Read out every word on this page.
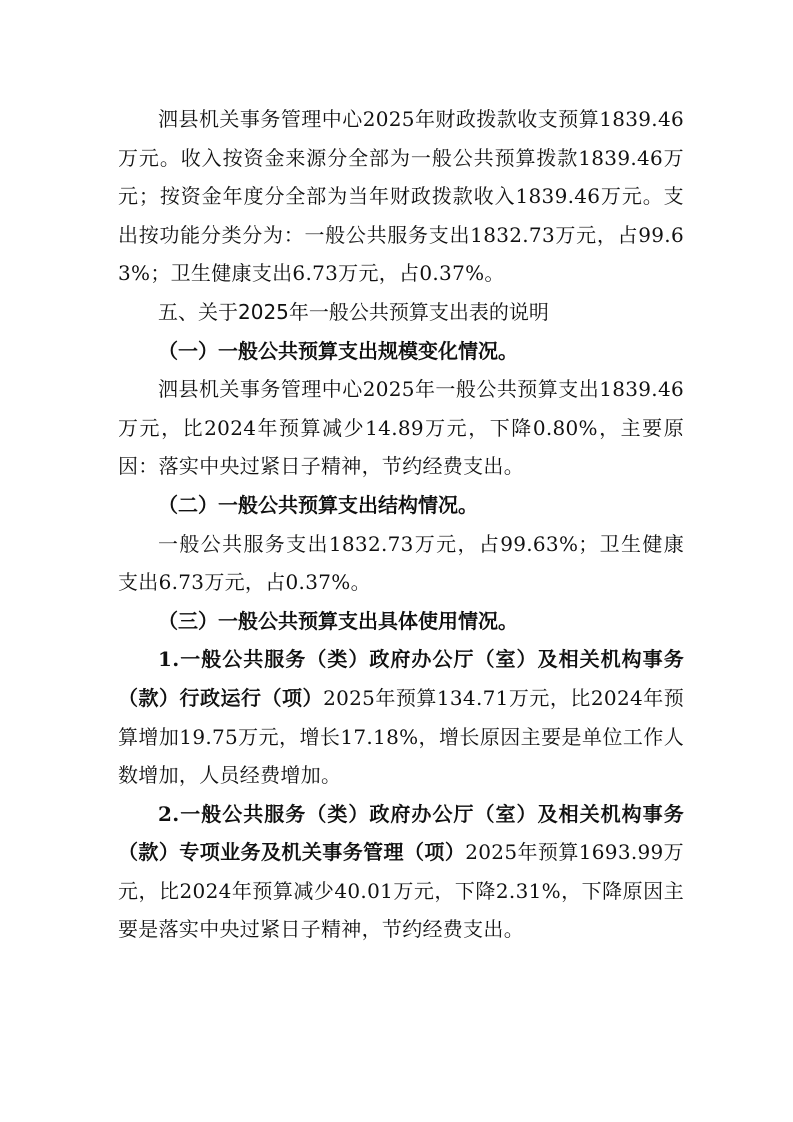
泗县机关事务管理中心2025年财政拨款收支预算1839.46万元。收入按资金来源分全部为一般公共预算拨款1839.46万元；按资金年度分全部为当年财政拨款收入1839.46万元。支出按功能分类分为：一般公共服务支出1832.73万元，占99.63%；卫生健康支出6.73万元，占0.37%。

五、关于2025年一般公共预算支出表的说明

（一）一般公共预算支出规模变化情况。

泗县机关事务管理中心2025年一般公共预算支出1839.46万元，比2024年预算减少14.89万元，下降0.80%，主要原因：落实中央过紧日子精神，节约经费支出。

（二）一般公共预算支出结构情况。

一般公共服务支出1832.73万元，占99.63%；卫生健康支出6.73万元，占0.37%。

（三）一般公共预算支出具体使用情况。

1.一般公共服务（类）政府办公厅（室）及相关机构事务（款）行政运行（项）2025年预算134.71万元，比2024年预算增加19.75万元，增长17.18%，增长原因主要是单位工作人数增加，人员经费增加。

2.一般公共服务（类）政府办公厅（室）及相关机构事务（款）专项业务及机关事务管理（项）2025年预算1693.99万元，比2024年预算减少40.01万元，下降2.31%，下降原因主要是落实中央过紧日子精神，节约经费支出。
